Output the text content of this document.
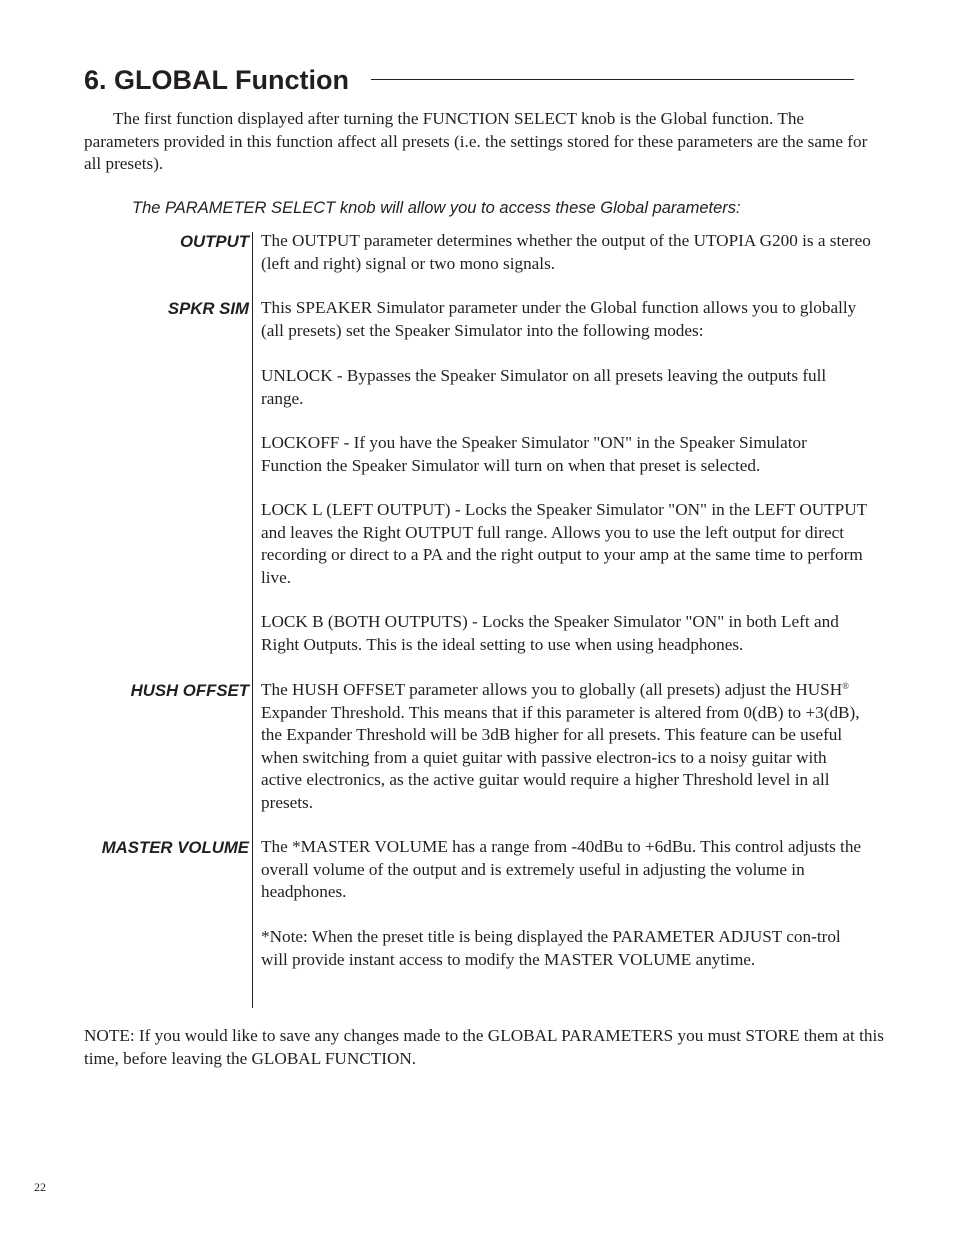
6. GLOBAL Function

The first function displayed after turning the FUNCTION SELECT knob is the Global function. The parameters provided in this function affect all presets (i.e. the settings stored for these parameters are the same for all presets).

The PARAMETER SELECT knob will allow you to access these Global parameters:

OUTPUT The OUTPUT parameter determines whether the output of the UTOPIA G200 is a stereo (left and right) signal or two mono signals.

SPKR SIM This SPEAKER Simulator parameter under the Global function allows you to globally (all presets) set the Speaker Simulator into the following modes:

UNLOCK - Bypasses the Speaker Simulator on all presets leaving the outputs full range.

LOCKOFF - If you have the Speaker Simulator "ON" in the Speaker Simulator Function the Speaker Simulator will turn on when that preset is selected.

LOCK L (LEFT OUTPUT) - Locks the Speaker Simulator "ON" in the LEFT OUTPUT and leaves the Right OUTPUT full range. Allows you to use the left output for direct recording or direct to a PA and the right output to your amp at the same time to perform live.

LOCK B (BOTH OUTPUTS) - Locks the Speaker Simulator "ON" in both Left and Right Outputs. This is the ideal setting to use when using headphones.

HUSH OFFSET The HUSH OFFSET parameter allows you to globally (all presets) adjust the HUSH® Expander Threshold. This means that if this parameter is altered from 0(dB) to +3(dB), the Expander Threshold will be 3dB higher for all presets. This feature can be useful when switching from a quiet guitar with passive electron-ics to a noisy guitar with active electronics, as the active guitar would require a higher Threshold level in all presets.

MASTER VOLUME The *MASTER VOLUME has a range from -40dBu to +6dBu. This control adjusts the overall volume of the output and is extremely useful in adjusting the volume in headphones.

*Note: When the preset title is being displayed the PARAMETER ADJUST con-trol will provide instant access to modify the MASTER VOLUME anytime.

NOTE: If you would like to save any changes made to the GLOBAL PARAMETERS you must STORE them at this time, before leaving the GLOBAL FUNCTION.

22
